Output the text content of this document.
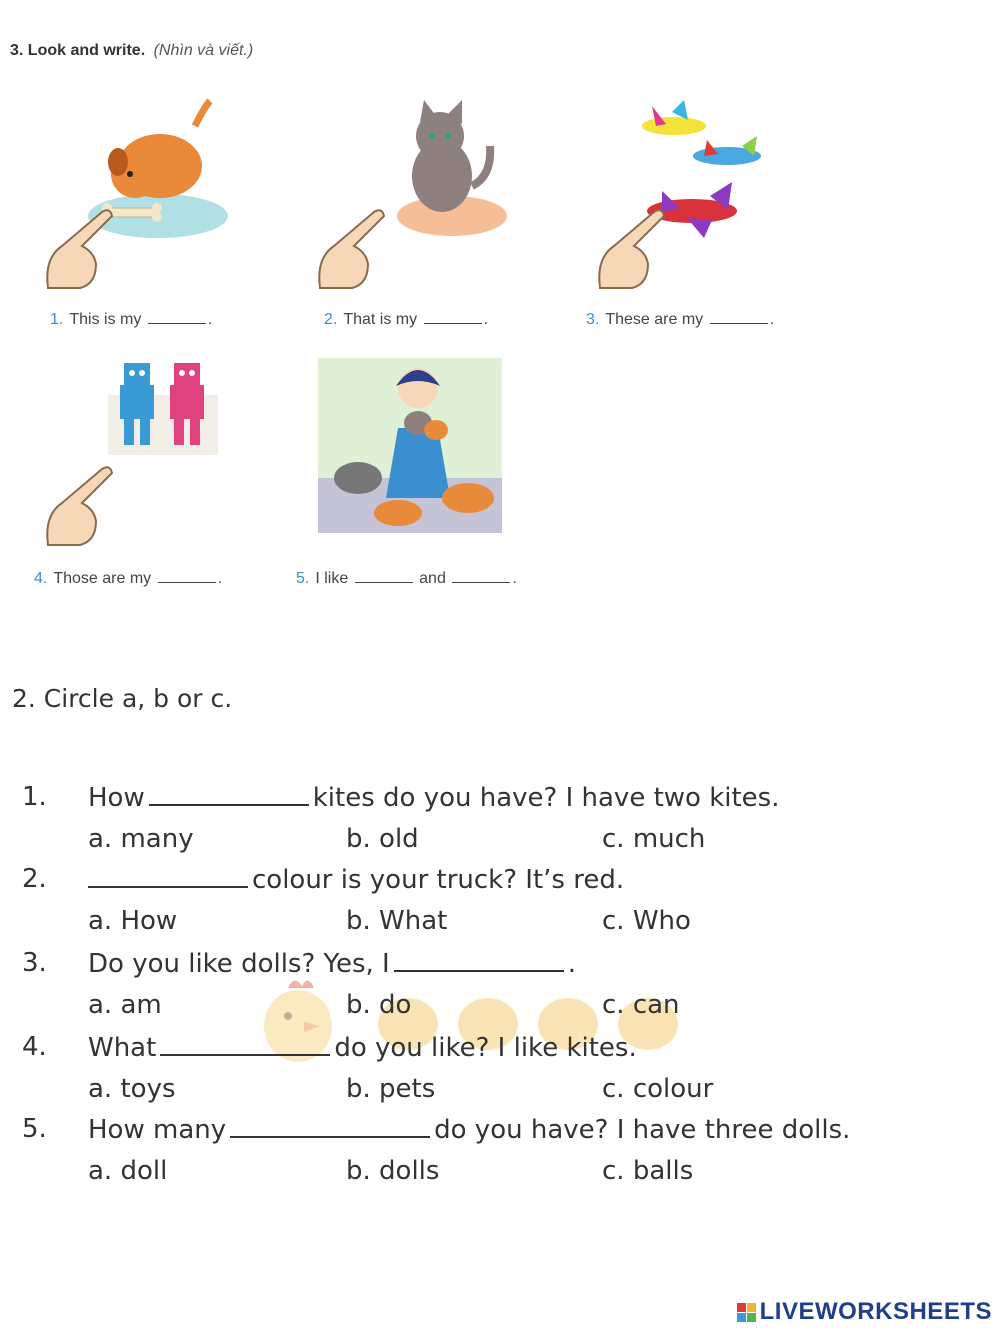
3. Look and write. (Nhìn và viết.)
1. This is my	.	2. That is my	.	3. These are my	.
4. Those are my	.	5. I like	and	.
2. Circle a, b or c.
1. How	kites do you have? I have two kites.
a. many	b. old	c. much
2.	colour is your truck? It’s red.
a. How	b. What	c. Who
3. Do you like dolls? Yes, I	.
a. am	b. do	c. can
4. What	do you like? I like kites.
a. toys	b. pets	c. colour
5. How many	do you have? I have three dolls.
a. doll	b. dolls	c. balls
LIVEWORKSHEETS
